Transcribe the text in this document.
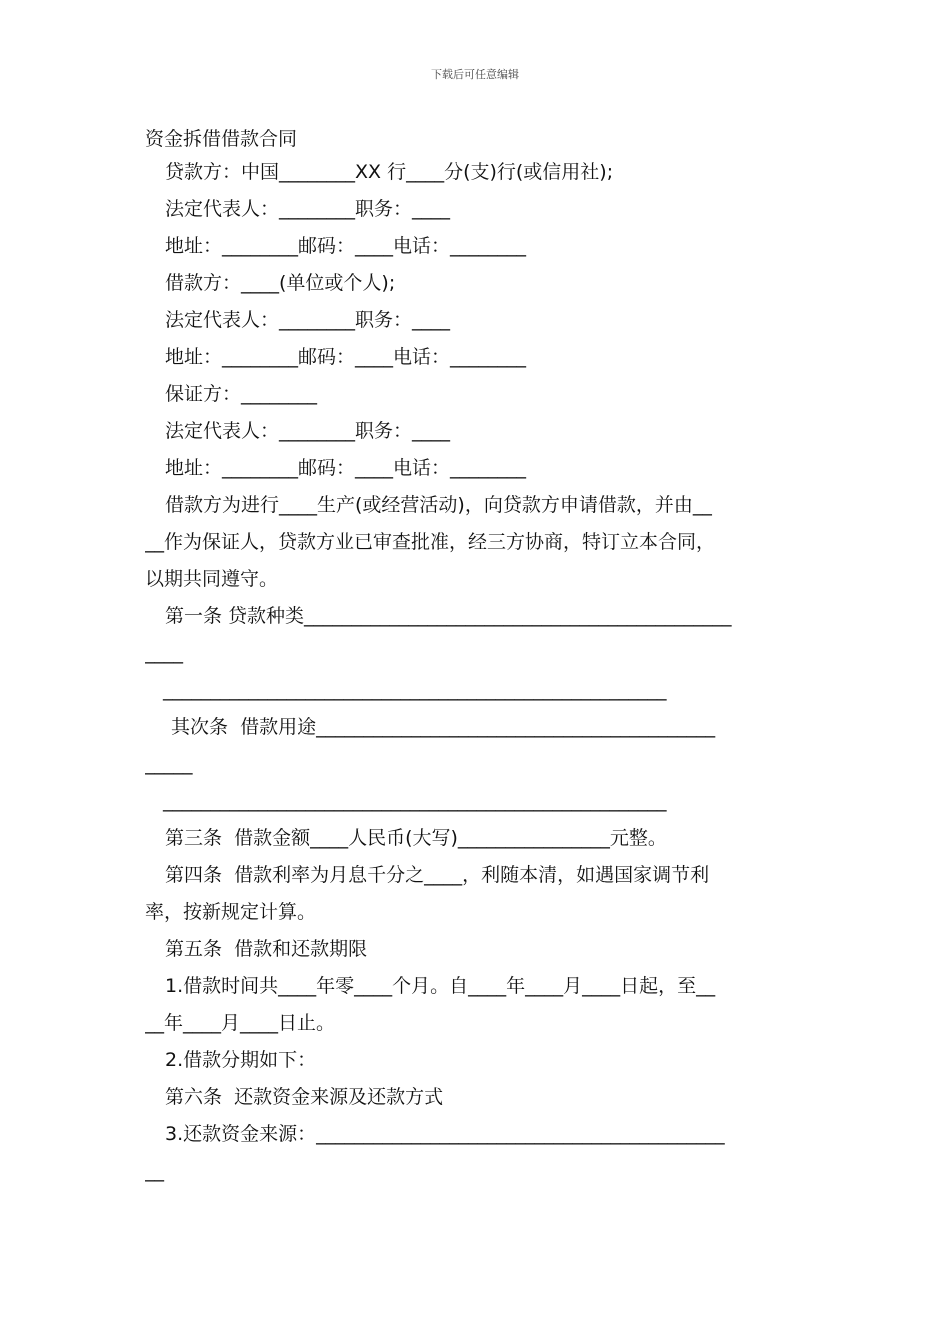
下载后可任意编辑
资金拆借借款合同
贷款方：中国________XX 行____分(支)行(或信用社);
法定代表人：________职务：____
地址：________邮码：____电话：________
借款方：____(单位或个人);
法定代表人：________职务：____
地址：________邮码：____电话：________
保证方：________
法定代表人：________职务：____
地址：________邮码：____电话：________
借款方为进行____生产(或经营活动)，向贷款方申请借款，并由__
__作为保证人，贷款方业已审查批准，经三方协商，特订立本合同，
以期共同遵守。
第一条 贷款种类_____________________________________________
____
_____________________________________________________
其次条  借款用途__________________________________________
_____
_____________________________________________________
第三条  借款金额____人民币(大写)________________元整。
第四条  借款利率为月息千分之____，利随本清，如遇国家调节利
率，按新规定计算。
第五条  借款和还款期限
1.借款时间共____年零____个月。自____年____月____日起，至__
__年____月____日止。
2.借款分期如下：
第六条  还款资金来源及还款方式
3.还款资金来源：___________________________________________
__
